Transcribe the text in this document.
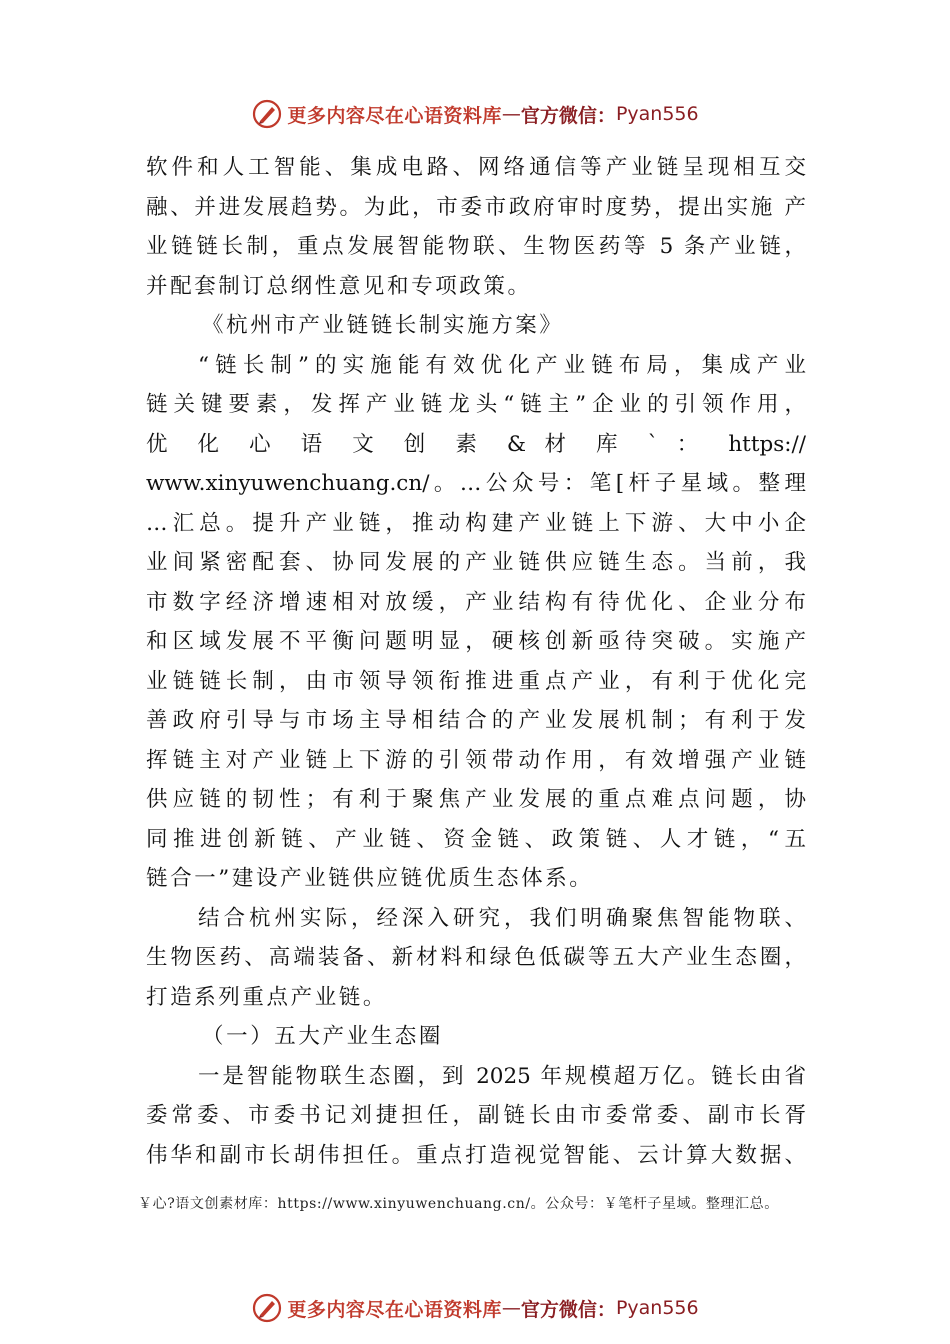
更多内容尽在心语资料库 — 官方微信： Pyan556
软件和人工智能、集成电路、网络通信等产业链呈现相互交
融、并进发展趋势。为此，市委市政府审时度势，提出实施 产
业链链长制，重点发展智能物联、生物医药等 5 条产业链，
并配套制订总纲性意见和专项政策。
《杭州市产业链链长制实施方案》
“链长制”的实施能有效优化产业链布局，集成产业
链关键要素，发挥产业链龙头“链主”企业的引领作用，
优 化 心 语 文 创 素 & 材 库 ` ： https://
www.xinyuwenchuang.cn/。…公众号：笔[杆子星域。整理
…汇总。提升产业链，推动构建产业链上下游、大中小企
业间紧密配套、协同发展的产业链供应链生态。当前，我
市数字经济增速相对放缓，产业结构有待优化、企业分布
和区域发展不平衡问题明显，硬核创新亟待突破。实施产
业链链长制，由市领导领衔推进重点产业，有利于优化完
善政府引导与市场主导相结合的产业发展机制；有利于发
挥链主对产业链上下游的引领带动作用，有效增强产业链
供应链的韧性；有利于聚焦产业发展的重点难点问题，协
同推进创新链、产业链、资金链、政策链、人才链，“五
链合一”建设产业链供应链优质生态体系。
结合杭州实际，经深入研究，我们明确聚焦智能物联、
生物医药、高端装备、新材料和绿色低碳等五大产业生态圈，
打造系列重点产业链。
（一）五大产业生态圈
一是智能物联生态圈，到 2025 年规模超万亿。链长由省
委常委、市委书记刘捷担任，副链长由市委常委、副市长胥
伟华和副市长胡伟担任。重点打造视觉智能、云计算大数据、
￥心?语文创素材库：https://www.xinyuwenchuang.cn/。公众号：￥笔杆子星域。整理汇总。
更多内容尽在心语资料库 — 官方微信： Pyan556
